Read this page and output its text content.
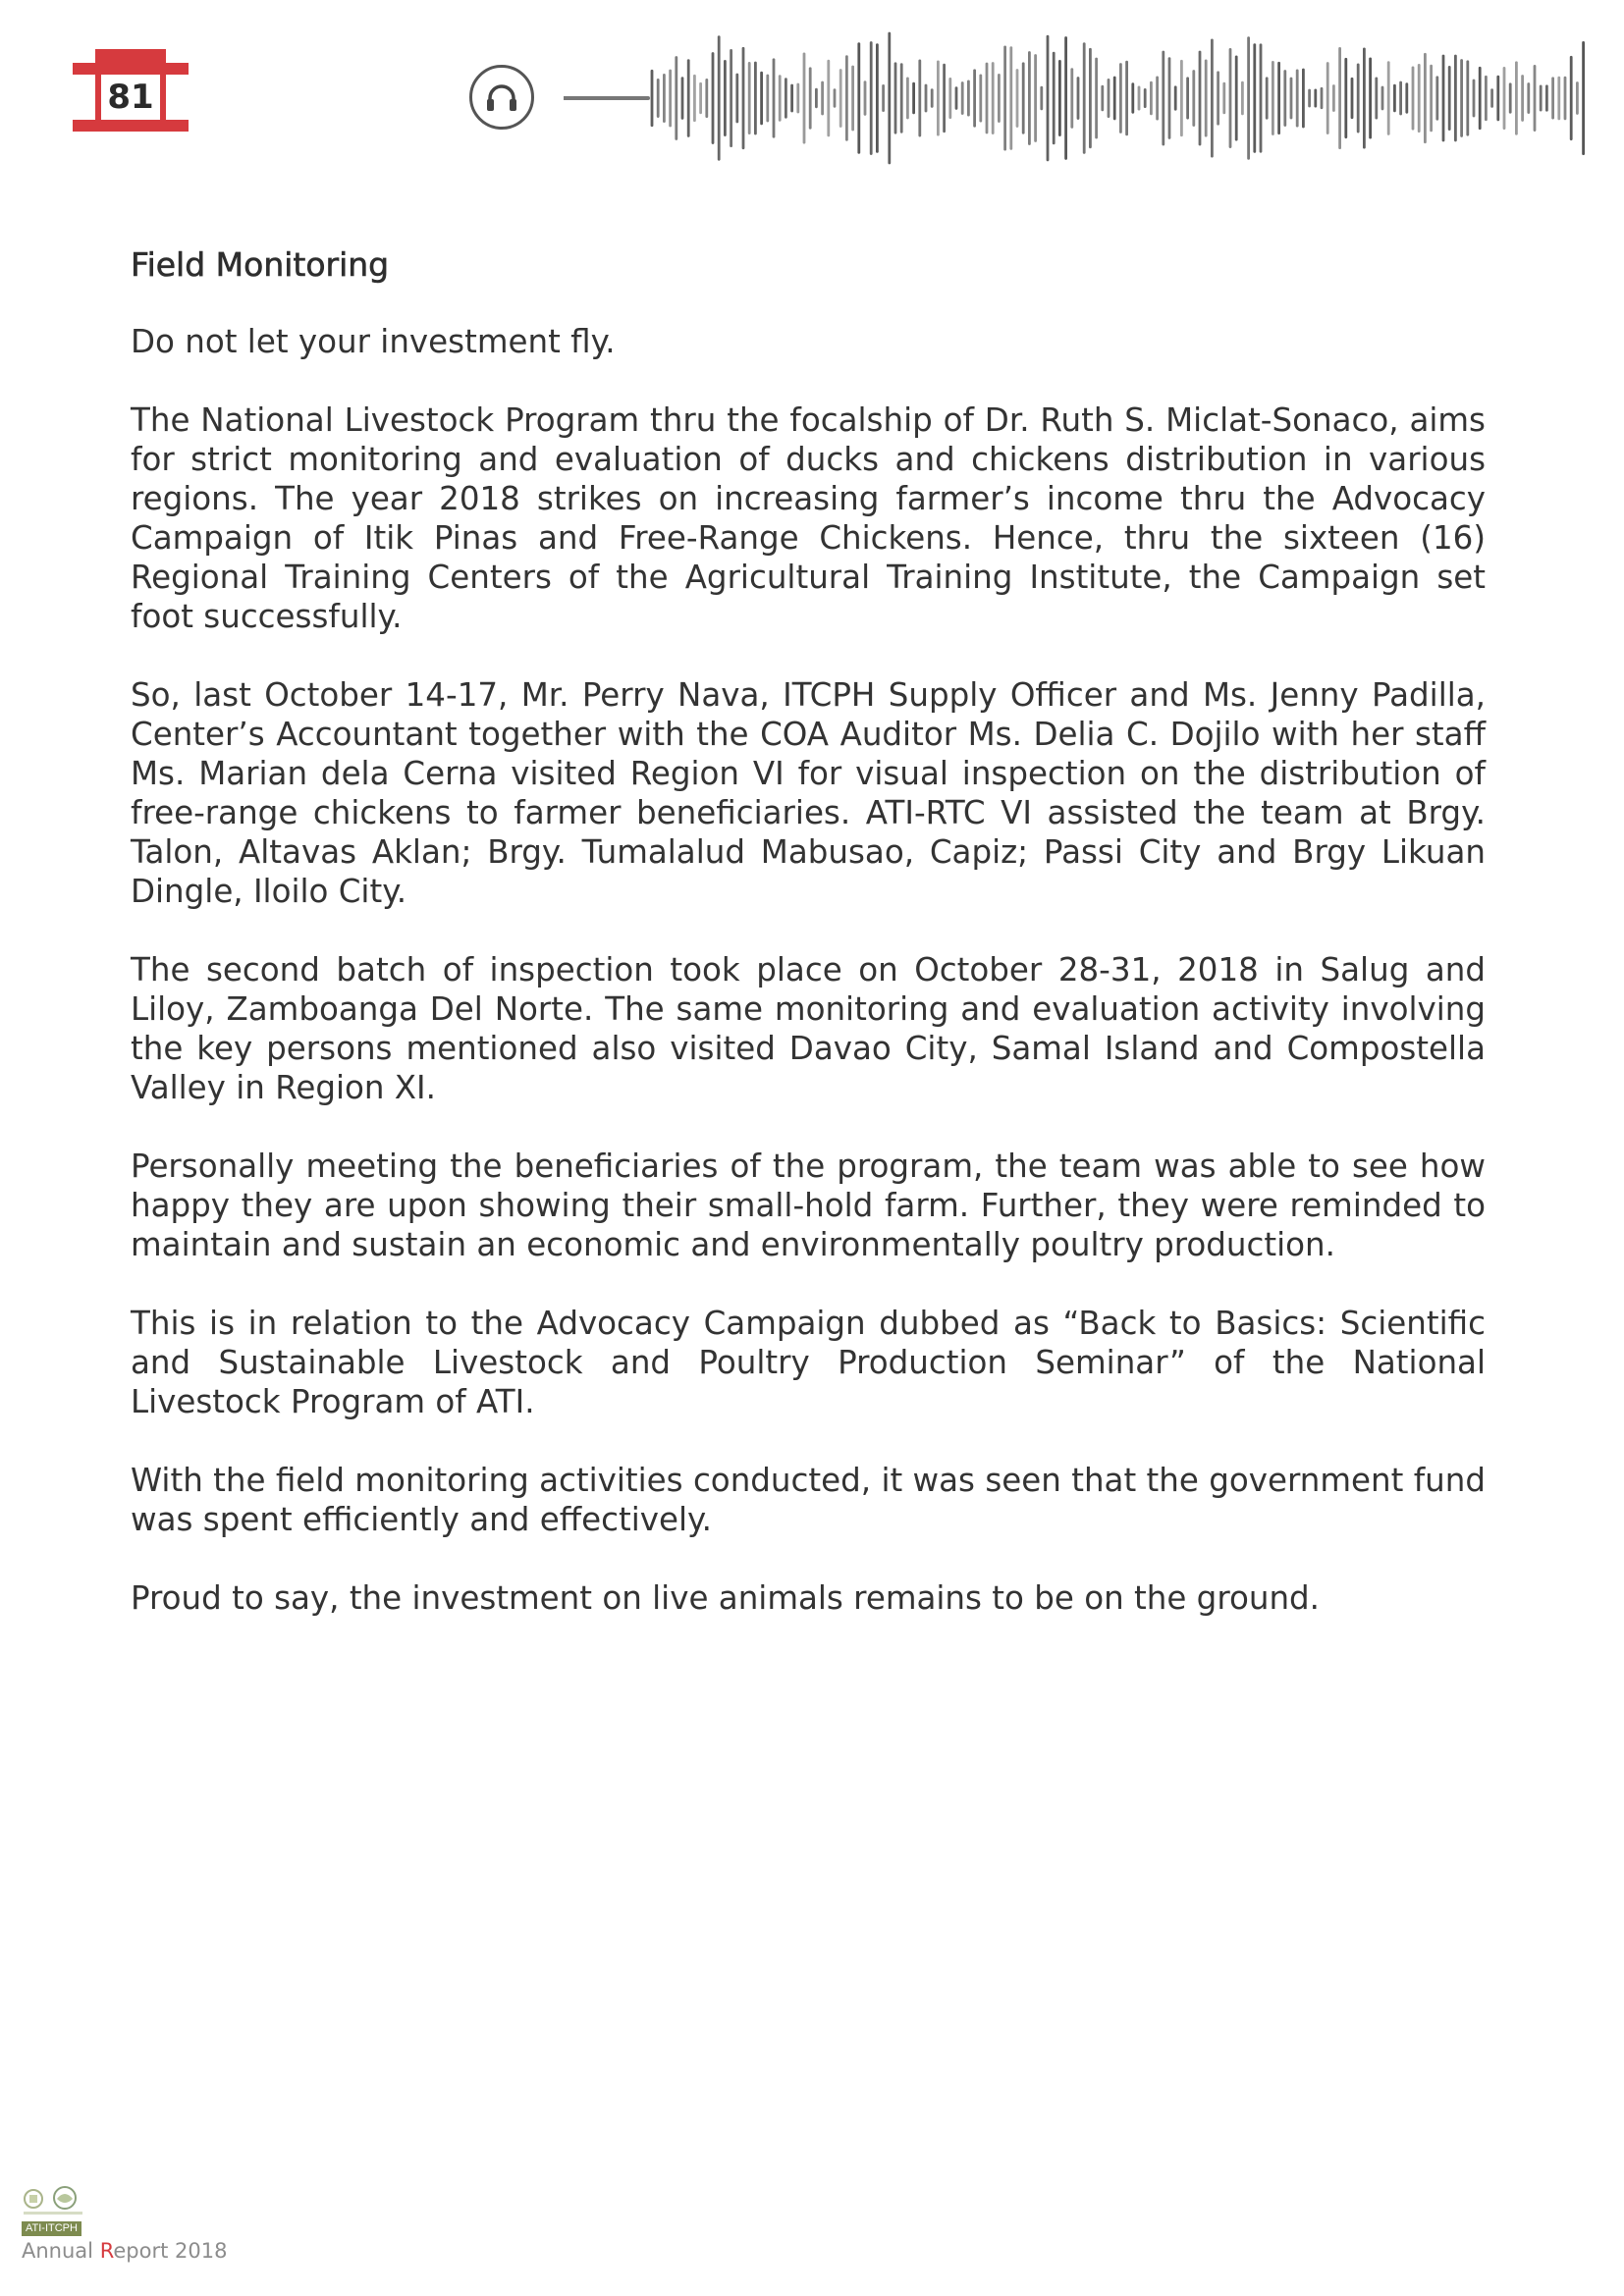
81
Field Monitoring

Do not let your investment fly.

The National Livestock Program thru the focalship of Dr. Ruth S. Miclat-Sonaco, aims for strict monitoring and evaluation of ducks and chickens distribution in various regions. The year 2018 strikes on increasing farmer’s income thru the Advocacy Campaign of Itik Pinas and Free-Range Chickens. Hence, thru the sixteen (16) Regional Training Centers of the Agricultural Training Institute, the Campaign set foot successfully.

So, last October 14-17, Mr. Perry Nava, ITCPH Supply Officer and Ms. Jenny Padilla, Center’s Accountant together with the COA Auditor Ms. Delia C. Dojilo with her staff Ms. Marian dela Cerna visited Region VI for visual inspection on the distribution of free-range chickens to farmer beneficiaries. ATI-RTC VI assisted the team at Brgy. Talon, Altavas Aklan; Brgy. Tumalalud Mabusao, Capiz; Passi City and Brgy Likuan Dingle, Iloilo City.

The second batch of inspection took place on October 28-31, 2018 in Salug and Liloy, Zamboanga Del Norte. The same monitoring and evaluation activity involving the key persons mentioned also visited Davao City, Samal Island and Compostella Valley in Region XI.

Personally meeting the beneficiaries of the program, the team was able to see how happy they are upon showing their small-hold farm. Further, they were reminded to maintain and sustain an economic and environmentally poultry production.

This is in relation to the Advocacy Campaign dubbed as “Back to Basics: Scientific and Sustainable Livestock and Poultry Production Seminar” of the National Livestock Program of ATI.

With the field monitoring activities conducted, it was seen that the government fund was spent efficiently and effectively.

Proud to say, the investment on live animals remains to be on the ground.

ATI-ITCPH
Annual Report 2018
